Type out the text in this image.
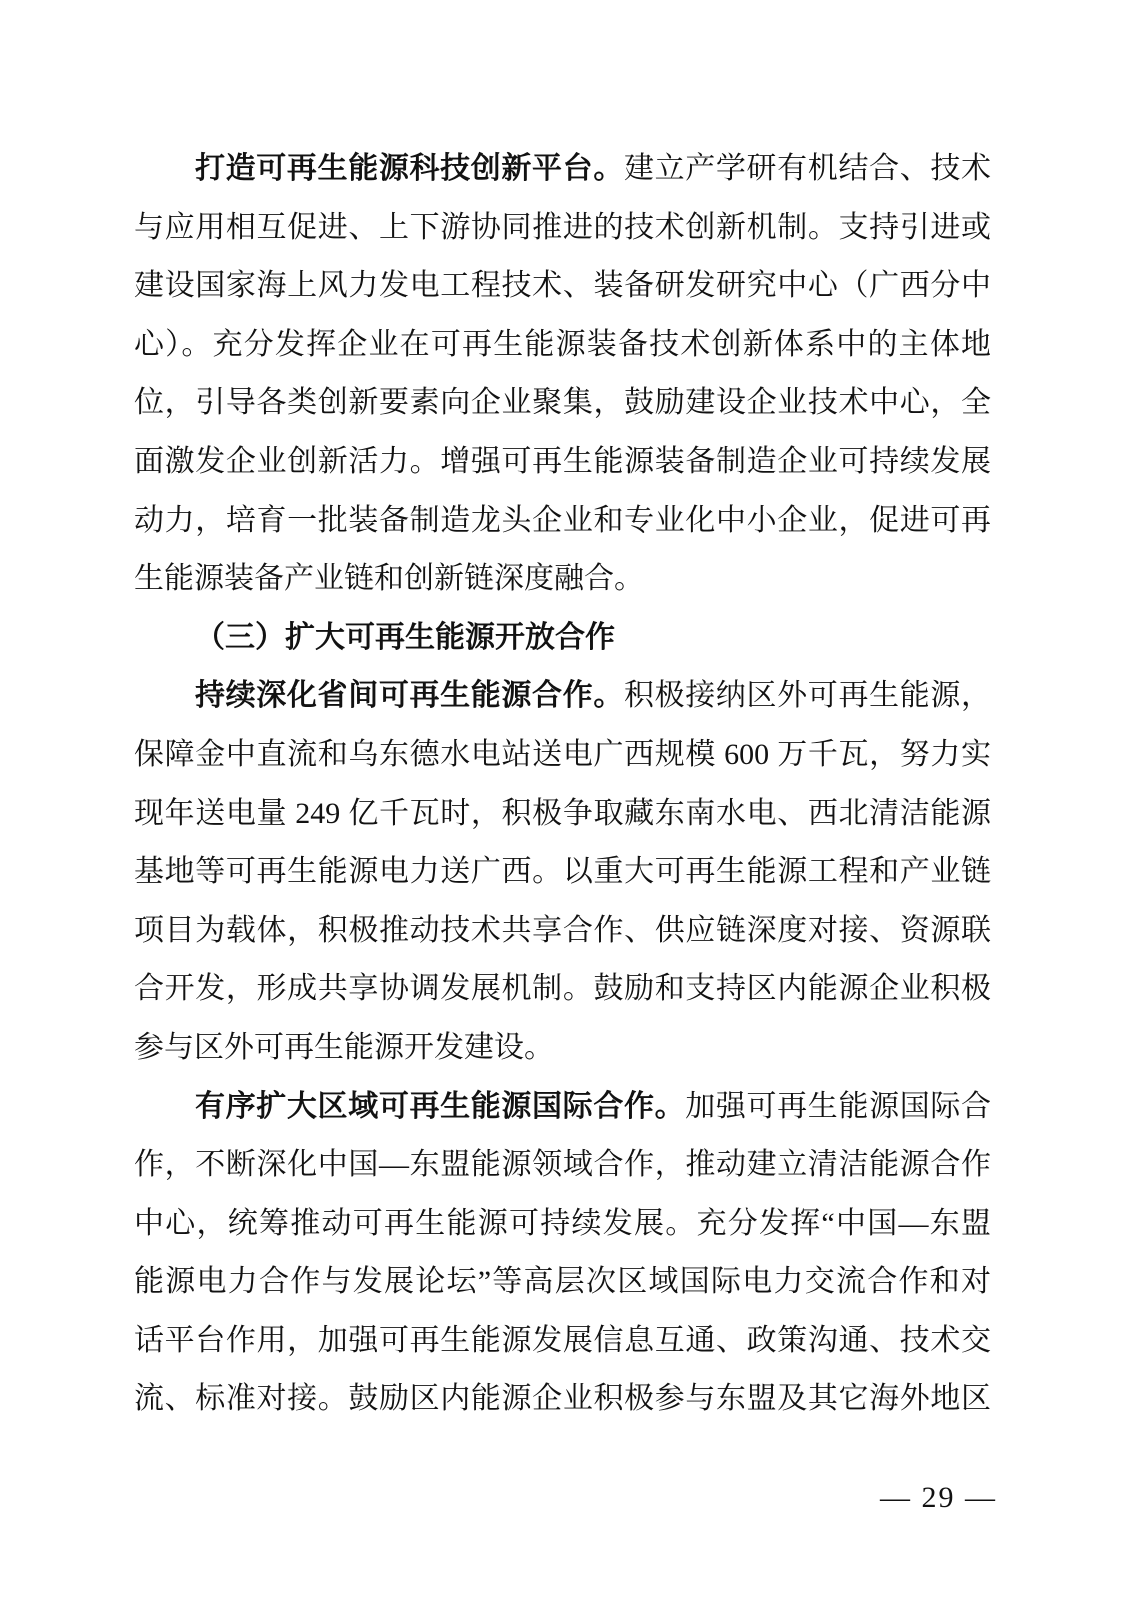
打造可再生能源科技创新平台。建立产学研有机结合、技术
与应用相互促进、上下游协同推进的技术创新机制。支持引进或
建设国家海上风力发电工程技术、装备研发研究中心（广西分中
心）。充分发挥企业在可再生能源装备技术创新体系中的主体地
位，引导各类创新要素向企业聚集，鼓励建设企业技术中心，全
面激发企业创新活力。增强可再生能源装备制造企业可持续发展
动力，培育一批装备制造龙头企业和专业化中小企业，促进可再
生能源装备产业链和创新链深度融合。
（三）扩大可再生能源开放合作
持续深化省间可再生能源合作。积极接纳区外可再生能源，
保障金中直流和乌东德水电站送电广西规模 600 万千瓦，努力实
现年送电量 249 亿千瓦时，积极争取藏东南水电、西北清洁能源
基地等可再生能源电力送广西。以重大可再生能源工程和产业链
项目为载体，积极推动技术共享合作、供应链深度对接、资源联
合开发，形成共享协调发展机制。鼓励和支持区内能源企业积极
参与区外可再生能源开发建设。
有序扩大区域可再生能源国际合作。加强可再生能源国际合
作，不断深化中国—东盟能源领域合作，推动建立清洁能源合作
中心，统筹推动可再生能源可持续发展。充分发挥“中国—东盟
能源电力合作与发展论坛”等高层次区域国际电力交流合作和对
话平台作用，加强可再生能源发展信息互通、政策沟通、技术交
流、标准对接。鼓励区内能源企业积极参与东盟及其它海外地区
— 29 —
